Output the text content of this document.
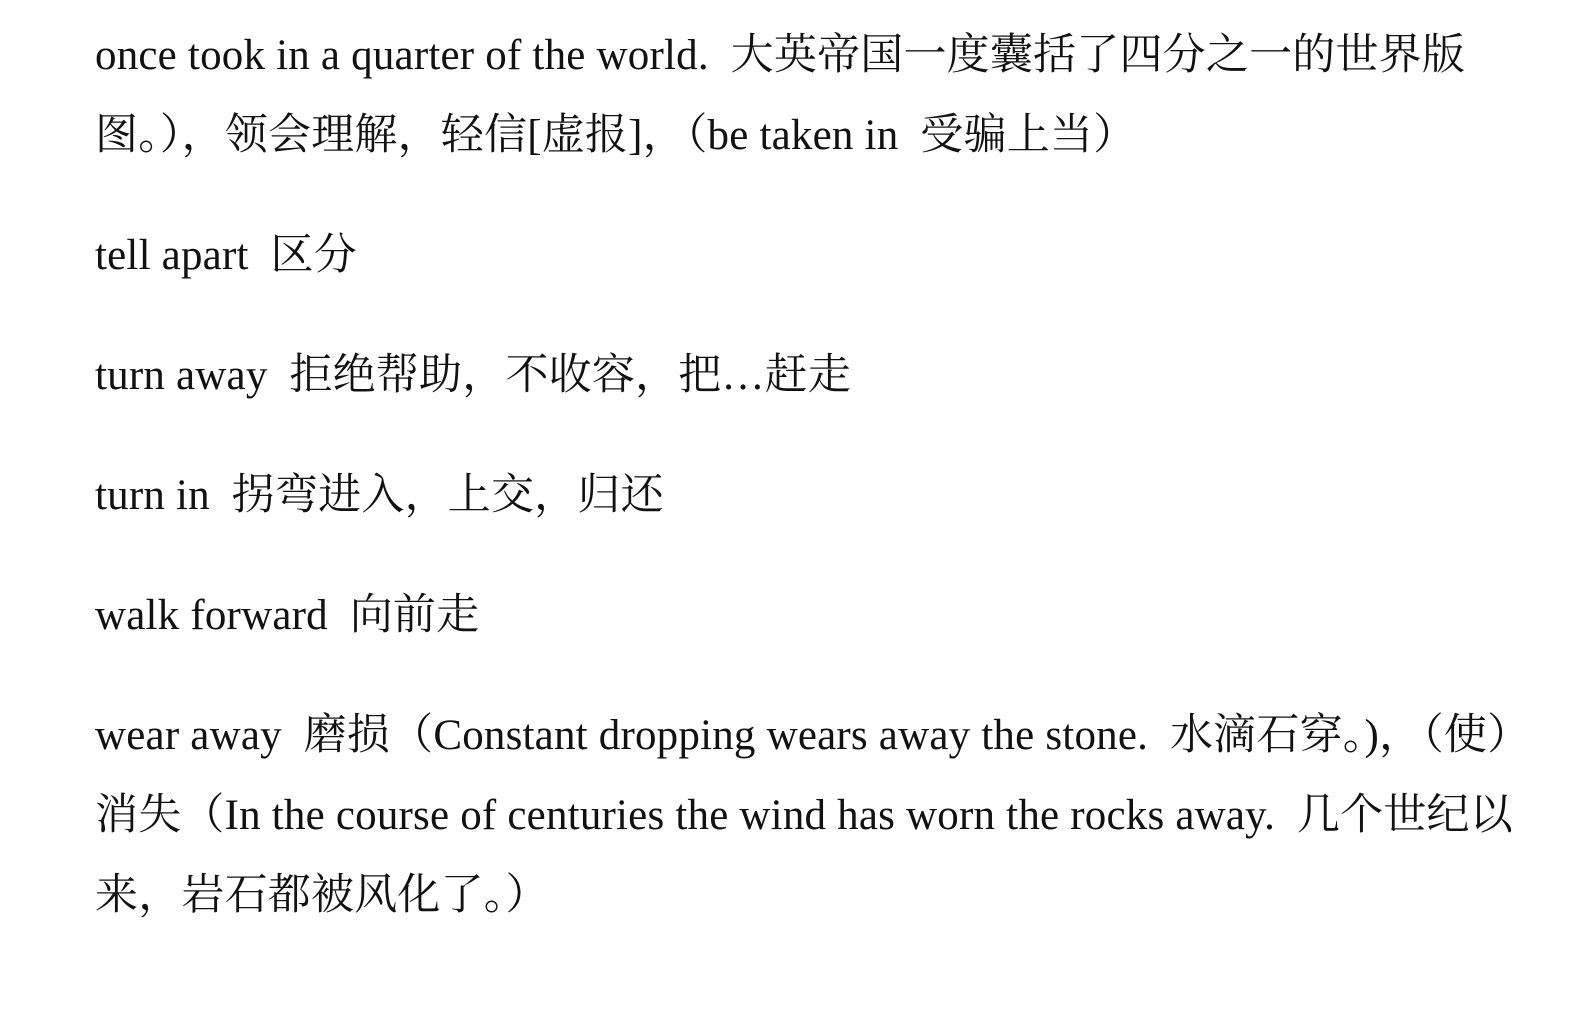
once took in a quarter of the world.  大英帝国一度囊括了四分之一的世界版
图。），领会理解，轻信[虚报]，（be taken in  受骗上当）
tell apart  区分
turn away  拒绝帮助，不收容，把…赶走
turn in  拐弯进入，上交，归还
walk forward  向前走
wear away  磨损（Constant dropping wears away the stone.  水滴石穿。)，（使）
消失（In the course of centuries the wind has worn the rocks away.  几个世纪以
来，岩石都被风化了。）
